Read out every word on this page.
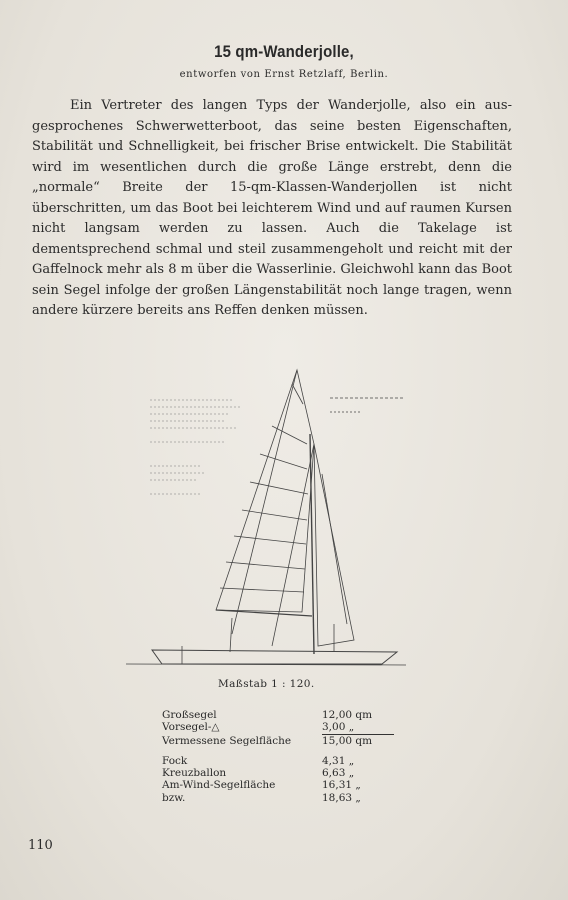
15 qm-Wanderjolle,
entworfen von Ernst Retzlaff, Berlin.

Ein Vertreter des langen Typs der Wanderjolle, also ein aus- gesprochenes Schwerwetterboot, das seine besten Eigenschaften, Stabilität und Schnelligkeit, bei frischer Brise entwickelt. Die Stabilität wird im wesentlichen durch die große Länge erstrebt, denn die „normale“ Breite der 15-qm-Klassen-Wanderjollen ist nicht überschritten, um das Boot bei leichterem Wind und auf raumen Kursen nicht langsam werden zu lassen. Auch die Takelage ist dementsprechend schmal und steil zusammengeholt und reicht mit der Gaffelnock mehr als 8 m über die Wasserlinie. Gleichwohl kann das Boot sein Segel infolge der großen Längenstabilität noch lange tragen, wenn andere kürzere bereits ans Reffen denken müssen.

Maßstab 1 : 120.
Großsegel	12,00 qm
Vorsegel-△	3,00 „
Vermessene Segelfläche	15,00 qm
Fock	4,31 „
Kreuzballon	6,63 „
Am-Wind-Segelfläche	16,31 „
bzw.	18,63 „
110
